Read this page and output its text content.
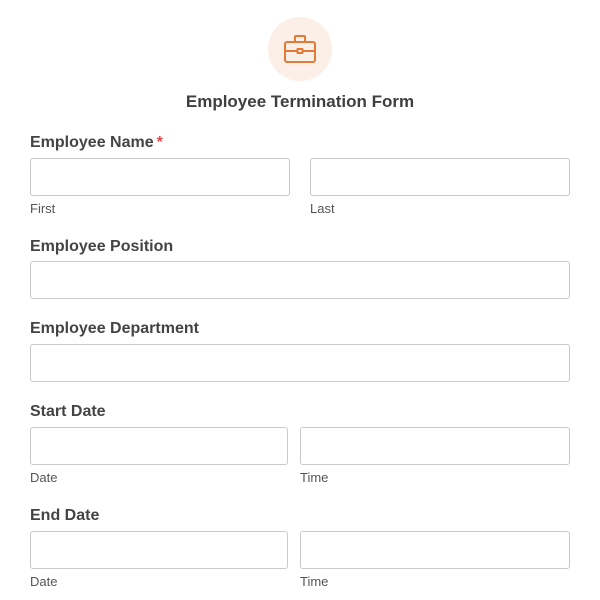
Employee Termination Form
Employee Name *
First	Last
Employee Position
Employee Department
Start Date
Date	Time
End Date
Date	Time
